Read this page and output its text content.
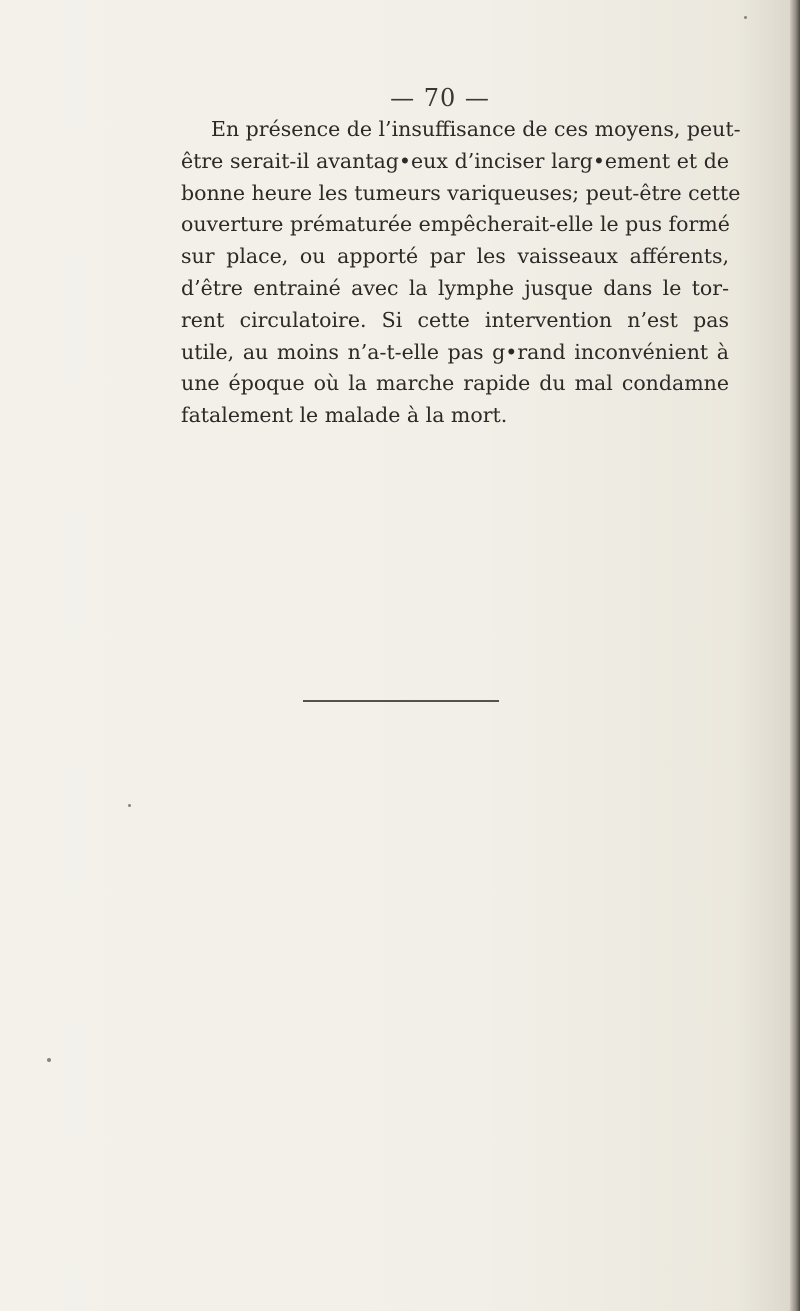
— 70 —
En présence de l’insuffisance de ces moyens, peut-
être serait-il avantag•eux d’inciser larg•ement et de
bonne heure les tumeurs variqueuses; peut-être cette
ouverture prématurée empêcherait-elle le pus formé
sur place, ou apporté par les vaisseaux afférents,
d’être entrainé avec la lymphe jusque dans le tor-
rent circulatoire. Si cette intervention n’est pas
utile, au moins n’a-t-elle pas g•rand inconvénient à
une époque où la marche rapide du mal condamne
fatalement le malade à la mort.
